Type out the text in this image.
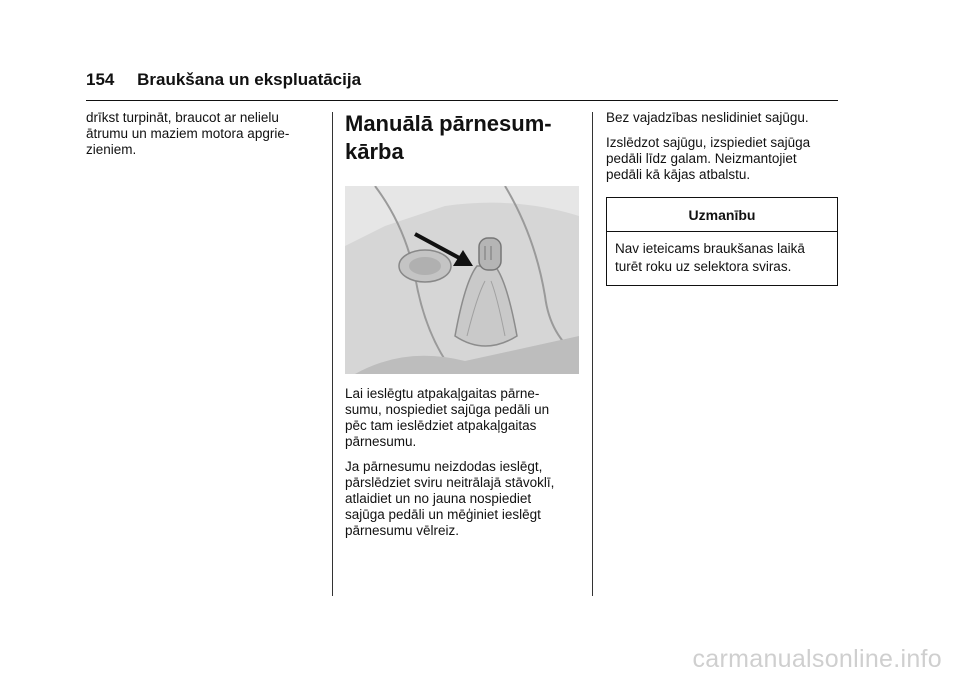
154 Braukšana un ekspluatācija

drīkst turpināt, braucot ar nelielu
ātrumu un maziem motora apgrie-
zieniem.

Manuālā pārnesum-
kārba

Lai ieslēgtu atpakaļgaitas pārne-
sumu, nospiediet sajūga pedāli un
pēc tam ieslēdziet atpakaļgaitas
pārnesumu.

Ja pārnesumu neizdodas ieslēgt,
pārslēdziet sviru neitrālajā stāvoklī,
atlaidiet un no jauna nospiediet
sajūga pedāli un mēģiniet ieslēgt
pārnesumu vēlreiz.

Bez vajadzības neslidiniet sajūgu.

Izslēdzot sajūgu, izspiediet sajūga
pedāli līdz galam. Neizmantojiet
pedāli kā kājas atbalstu.

Uzmanību
Nav ieteicams braukšanas laikā
turēt roku uz selektora sviras.
carmanualsonline.info
